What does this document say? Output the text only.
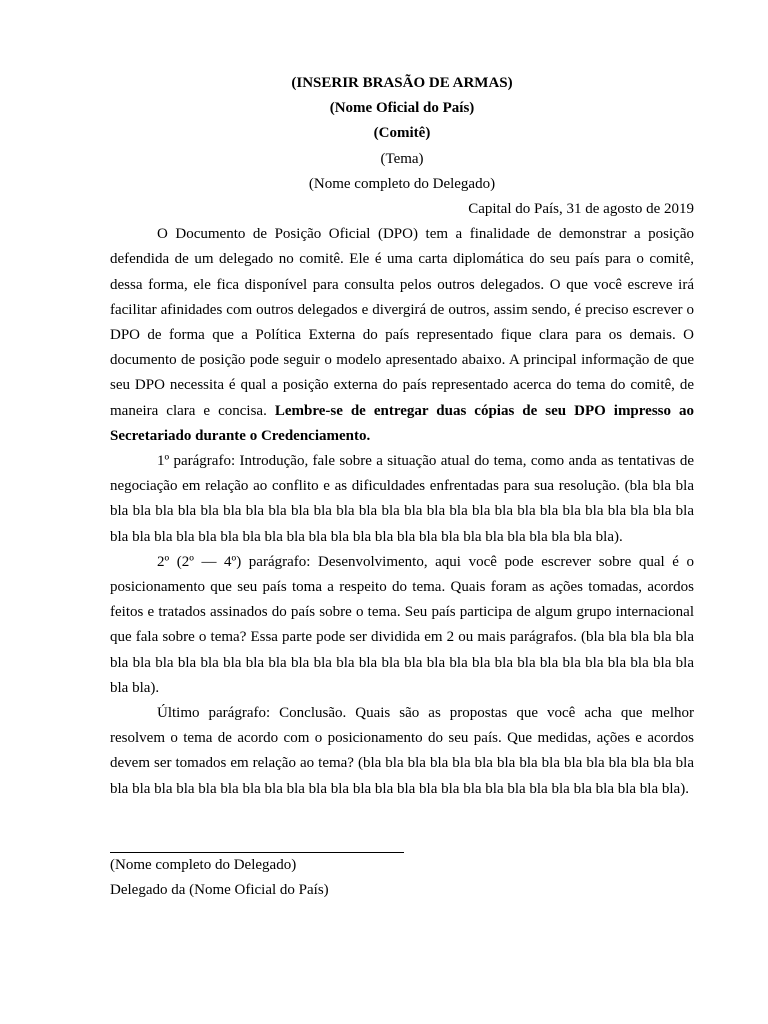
(INSERIR BRASÃO DE ARMAS)

(Nome Oficial do País)

(Comitê)

(Tema)

(Nome completo do Delegado)

Capital do País, 31 de agosto de 2019

O Documento de Posição Oficial (DPO) tem a finalidade de demonstrar a posição defendida de um delegado no comitê. Ele é uma carta diplomática do seu país para o comitê, dessa forma, ele fica disponível para consulta pelos outros delegados. O que você escreve irá facilitar afinidades com outros delegados e divergirá de outros, assim sendo, é preciso escrever o DPO de forma que a Política Externa do país representado fique clara para os demais. O documento de posição pode seguir o modelo apresentado abaixo. A principal informação de que seu DPO necessita é qual a posição externa do país representado acerca do tema do comitê, de maneira clara e concisa. Lembre-se de entregar duas cópias de seu DPO impresso ao Secretariado durante o Credenciamento.

1º parágrafo: Introdução, fale sobre a situação atual do tema, como anda as tentativas de negociação em relação ao conflito e as dificuldades enfrentadas para sua resolução. (bla bla bla bla bla bla bla bla bla bla bla bla bla bla bla bla bla bla bla bla bla bla bla bla bla bla bla bla bla bla bla bla bla bla bla bla bla bla bla bla bla bla bla bla bla bla bla bla bla bla bla bla).

2º (2º — 4º) parágrafo: Desenvolvimento, aqui você pode escrever sobre qual é o posicionamento que seu país toma a respeito do tema. Quais foram as ações tomadas, acordos feitos e tratados assinados do país sobre o tema. Seu país participa de algum grupo internacional que fala sobre o tema? Essa parte pode ser dividida em 2 ou mais parágrafos. (bla bla bla bla bla bla bla bla bla bla bla bla bla bla bla bla bla bla bla bla bla bla bla bla bla bla bla bla bla bla bla bla bla).

Último parágrafo: Conclusão. Quais são as propostas que você acha que melhor resolvem o tema de acordo com o posicionamento do seu país. Que medidas, ações e acordos devem ser tomados em relação ao tema? (bla bla bla bla bla bla bla bla bla bla bla bla bla bla bla bla bla bla bla bla bla bla bla bla bla bla bla bla bla bla bla bla bla bla bla bla bla bla bla bla bla).

(Nome completo do Delegado)

Delegado da (Nome Oficial do País)
